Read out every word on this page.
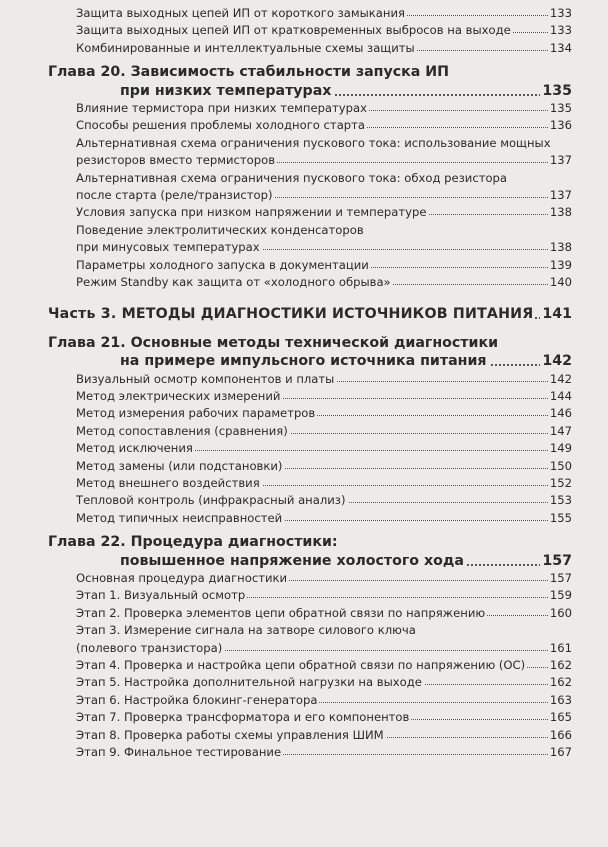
Защита выходных цепей ИП от короткого замыкания	133
Защита выходных цепей ИП от кратковременных выбросов на выходе	133
Комбинированные и интеллектуальные схемы защиты	134
Глава 20. Зависимость стабильности запуска ИП
при низких температурах	135
Влияние термистора при низких температурах	135
Способы решения проблемы холодного старта	136
Альтернативная схема ограничения пускового тока: использование мощных
резисторов вместо термисторов	137
Альтернативная схема ограничения пускового тока: обход резистора
после старта (реле/транзистор)	137
Условия запуска при низком напряжении и температуре	138
Поведение электролитических конденсаторов
при минусовых температурах	138
Параметры холодного запуска в документации	139
Режим Standby как защита от «холодного обрыва»	140
Часть 3. МЕТОДЫ ДИАГНОСТИКИ ИСТОЧНИКОВ ПИТАНИЯ 141
Глава 21. Основные методы технической диагностики
на примере импульсного источника питания	142
Визуальный осмотр компонентов и платы	142
Метод электрических измерений	144
Метод измерения рабочих параметров	146
Метод сопоставления (сравнения)	147
Метод исключения	149
Метод замены (или подстановки)	150
Метод внешнего воздействия	152
Тепловой контроль (инфракрасный анализ)	153
Метод типичных неисправностей	155
Глава 22. Процедура диагностики:
повышенное напряжение холостого хода	157
Основная процедура диагностики	157
Этап 1. Визуальный осмотр	159
Этап 2. Проверка элементов цепи обратной связи по напряжению	160
Этап 3. Измерение сигнала на затворе силового ключа
(полевого транзистора)	161
Этап 4. Проверка и настройка цепи обратной связи по напряжению (ОС) 162
Этап 5. Настройка дополнительной нагрузки на выходе	162
Этап 6. Настройка блокинг-генератора	163
Этап 7. Проверка трансформатора и его компонентов	165
Этап 8. Проверка работы схемы управления ШИМ	166
Этап 9. Финальное тестирование	167
